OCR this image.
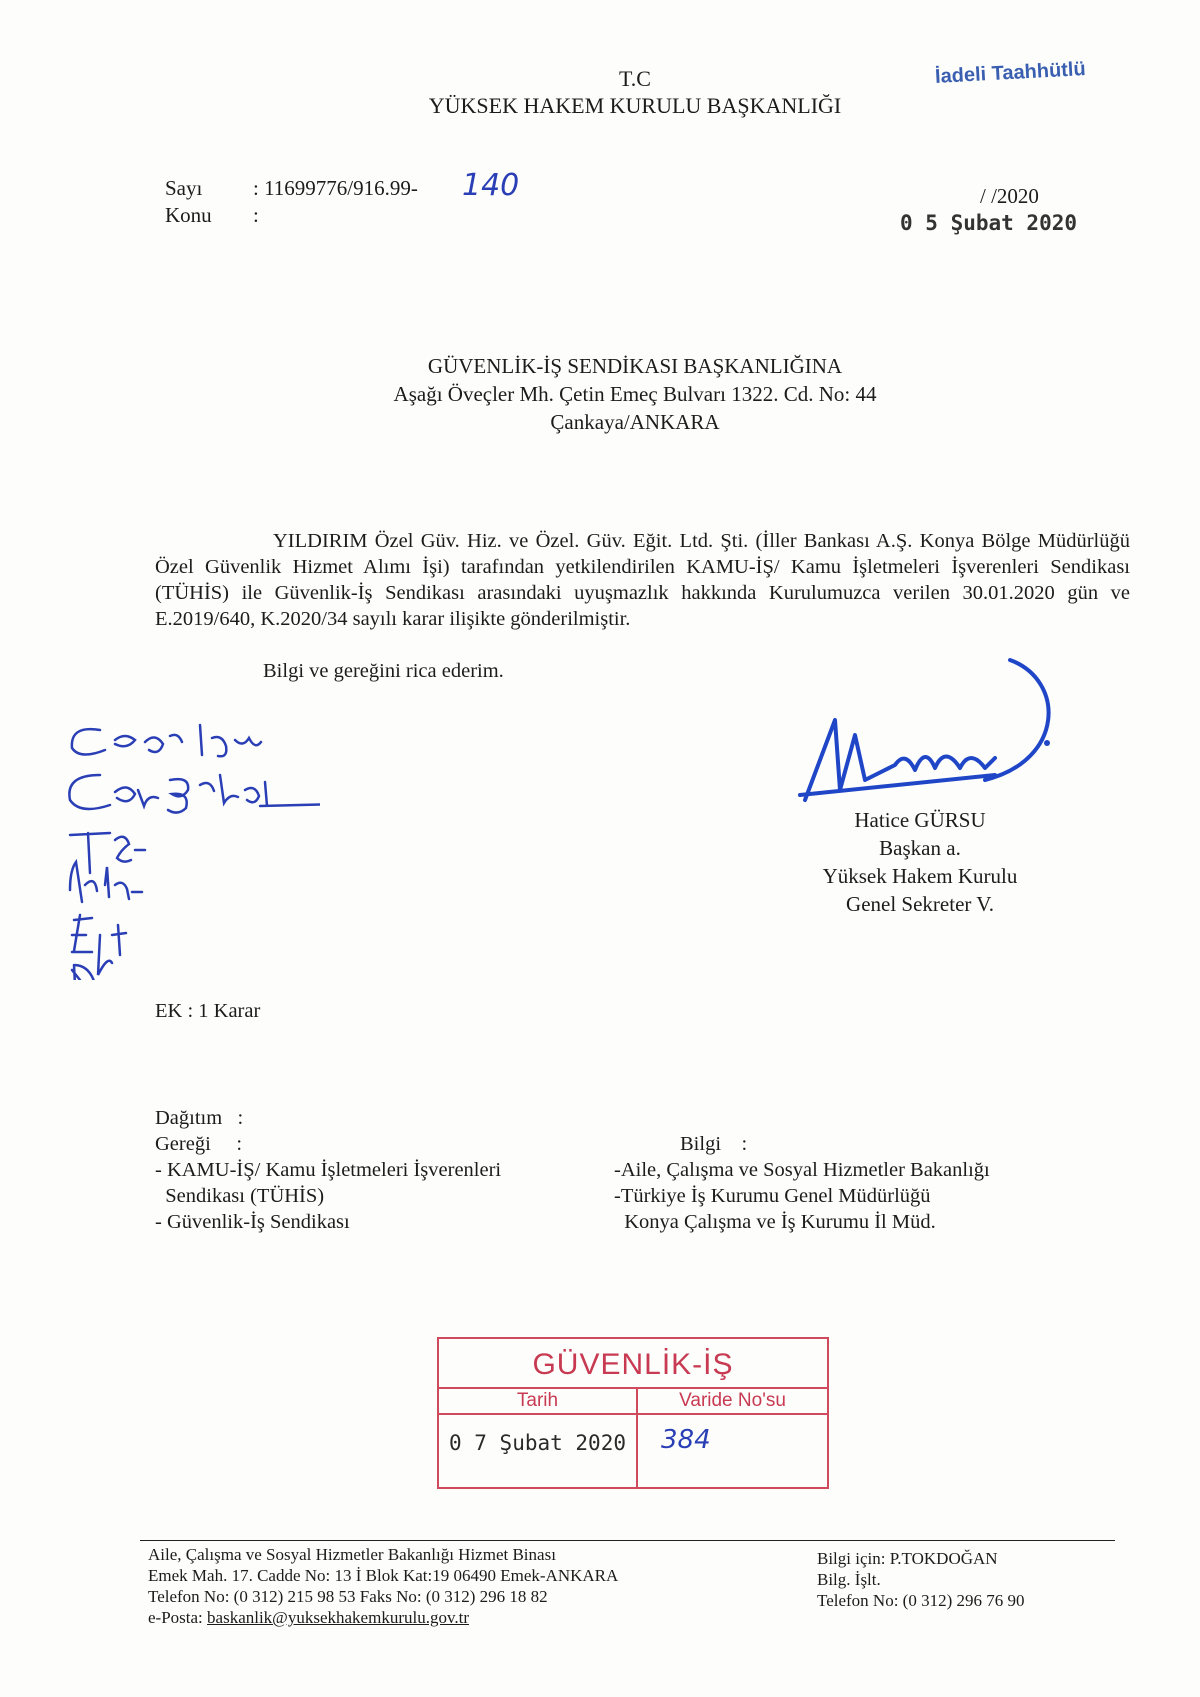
T.C
YÜKSEK HAKEM KURULU BAŞKANLIĞI
İadeli Taahhütlü
Sayı : 11699776/916.99- 140
Konu :
/ /2020
0 5 Şubat 2020
GÜVENLİK-İŞ SENDİKASI BAŞKANLIĞINA
Aşağı Öveçler Mh. Çetin Emeç Bulvarı 1322. Cd. No: 44
Çankaya/ANKARA
YILDIRIM Özel Güv. Hiz. ve Özel. Güv. Eğit. Ltd. Şti. (İller Bankası A.Ş. Konya Bölge Müdürlüğü Özel Güvenlik Hizmet Alımı İşi) tarafından yetkilendirilen KAMU-İŞ/ Kamu İşletmeleri İşverenleri Sendikası (TÜHİS) ile Güvenlik-İş Sendikası arasındaki uyuşmazlık hakkında Kurulumuzca verilen 30.01.2020 gün ve E.2019/640, K.2020/34 sayılı karar ilişikte gönderilmiştir.
Bilgi ve gereğini rica ederim.
Hatice GÜRSU
Başkan a.
Yüksek Hakem Kurulu
Genel Sekreter V.
EK : 1 Karar
Dağıtım   :
Gereği     :
- KAMU-İŞ/ Kamu İşletmeleri İşverenleri
Sendikası (TÜHİS)
- Güvenlik-İş Sendikası
Bilgi    :
-Aile, Çalışma ve Sosyal Hizmetler Bakanlığı
-Türkiye İş Kurumu Genel Müdürlüğü
Konya Çalışma ve İş Kurumu İl Müd.
GÜVENLİK-İŞ
Tarih	Varide No'su
0 7 Şubat 2020	384
Aile, Çalışma ve Sosyal Hizmetler Bakanlığı Hizmet Binası
Emek Mah. 17. Cadde No: 13 İ Blok Kat:19 06490 Emek-ANKARA
Telefon No: (0 312) 215 98 53 Faks No: (0 312) 296 18 82
e-Posta: baskanlik@yuksekhakemkurulu.gov.tr
Bilgi için: P.TOKDOĞAN
Bilg. İşlt.
Telefon No: (0 312) 296 76 90
